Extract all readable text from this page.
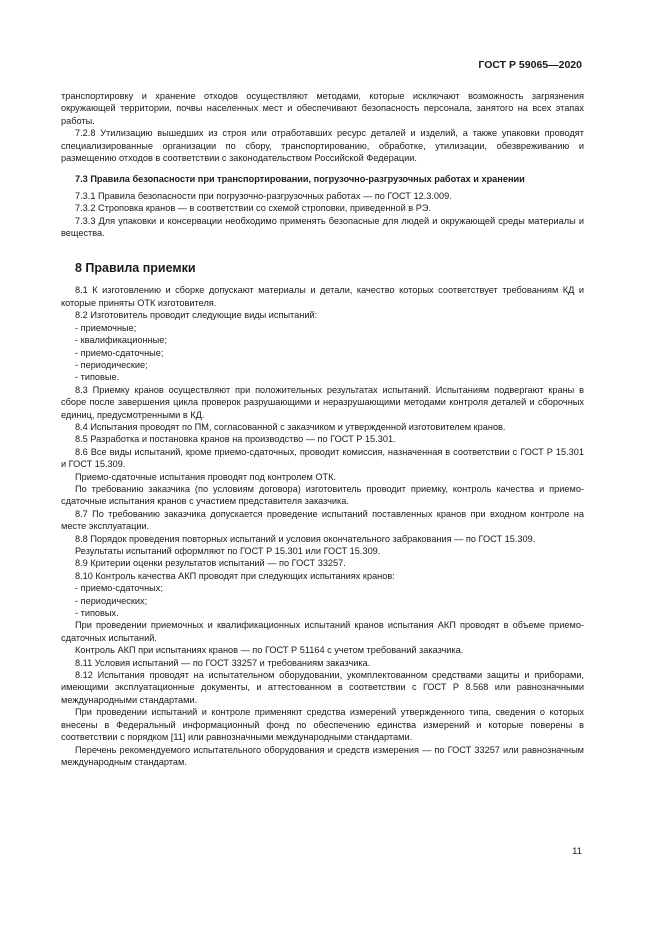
ГОСТ Р 59065—2020

транспортировку и хранение отходов осуществляют методами, которые исключают возможность загрязнения окружающей территории, почвы населенных мест и обеспечивают безопасность персонала, занятого на всех этапах работы.

7.2.8 Утилизацию вышедших из строя или отработавших ресурс деталей и изделий, а также упаковки проводят специализированные организации по сбору, транспортированию, обработке, утилизации, обезвреживанию и размещению отходов в соответствии с законодательством Российской Федерации.

7.3 Правила безопасности при транспортировании, погрузочно-разгрузочных работах и хранении

7.3.1 Правила безопасности при погрузочно-разгрузочных работах — по ГОСТ 12.3.009.

7.3.2 Строповка кранов — в соответствии со схемой строповки, приведенной в РЭ.

7.3.3 Для упаковки и консервации необходимо применять безопасные для людей и окружающей среды материалы и вещества.

8 Правила приемки

8.1 К изготовлению и сборке допускают материалы и детали, качество которых соответствует требованиям КД и которые приняты ОТК изготовителя.

8.2 Изготовитель проводит следующие виды испытаний:

- приемочные;

- квалификационные;

- приемо-сдаточные;

- периодические;

- типовые.

8.3 Приемку кранов осуществляют при положительных результатах испытаний. Испытаниям подвергают краны в сборе после завершения цикла проверок разрушающими и неразрушающими методами контроля деталей и сборочных единиц, предусмотренными в КД.

8.4 Испытания проводят по ПМ, согласованной с заказчиком и утвержденной изготовителем кранов.

8.5 Разработка и постановка кранов на производство — по ГОСТ Р 15.301.

8.6 Все виды испытаний, кроме приемо-сдаточных, проводит комиссия, назначенная в соответствии с ГОСТ Р 15.301 и ГОСТ 15.309.

Приемо-сдаточные испытания проводят под контролем ОТК.

По требованию заказчика (по условиям договора) изготовитель проводит приемку, контроль качества и приемо-сдаточные испытания кранов с участием представителя заказчика.

8.7 По требованию заказчика допускается проведение испытаний поставленных кранов при входном контроле на месте эксплуатации.

8.8 Порядок проведения повторных испытаний и условия окончательного забракования — по ГОСТ 15.309.

Результаты испытаний оформляют по ГОСТ Р 15.301 или ГОСТ 15.309.

8.9 Критерии оценки результатов испытаний — по ГОСТ 33257.

8.10 Контроль качества АКП проводят при следующих испытаниях кранов:

- приемо-сдаточных;

- периодических;

- типовых.

При проведении приемочных и квалификационных испытаний кранов испытания АКП проводят в объеме приемо-сдаточных испытаний.

Контроль АКП при испытаниях кранов — по ГОСТ Р 51164 с учетом требований заказчика.

8.11 Условия испытаний — по ГОСТ 33257 и требованиям заказчика.

8.12 Испытания проводят на испытательном оборудовании, укомплектованном средствами защиты и приборами, имеющими эксплуатационные документы, и аттестованном в соответствии с ГОСТ Р 8.568 или равнозначными международными стандартами.

При проведении испытаний и контроле применяют средства измерений утвержденного типа, сведения о которых внесены в Федеральный информационный фонд по обеспечению единства измерений и которые поверены в соответствии с порядком [11] или равнозначными международными стандартами.

Перечень рекомендуемого испытательного оборудования и средств измерения — по ГОСТ 33257 или равнозначным международным стандартам.

11
